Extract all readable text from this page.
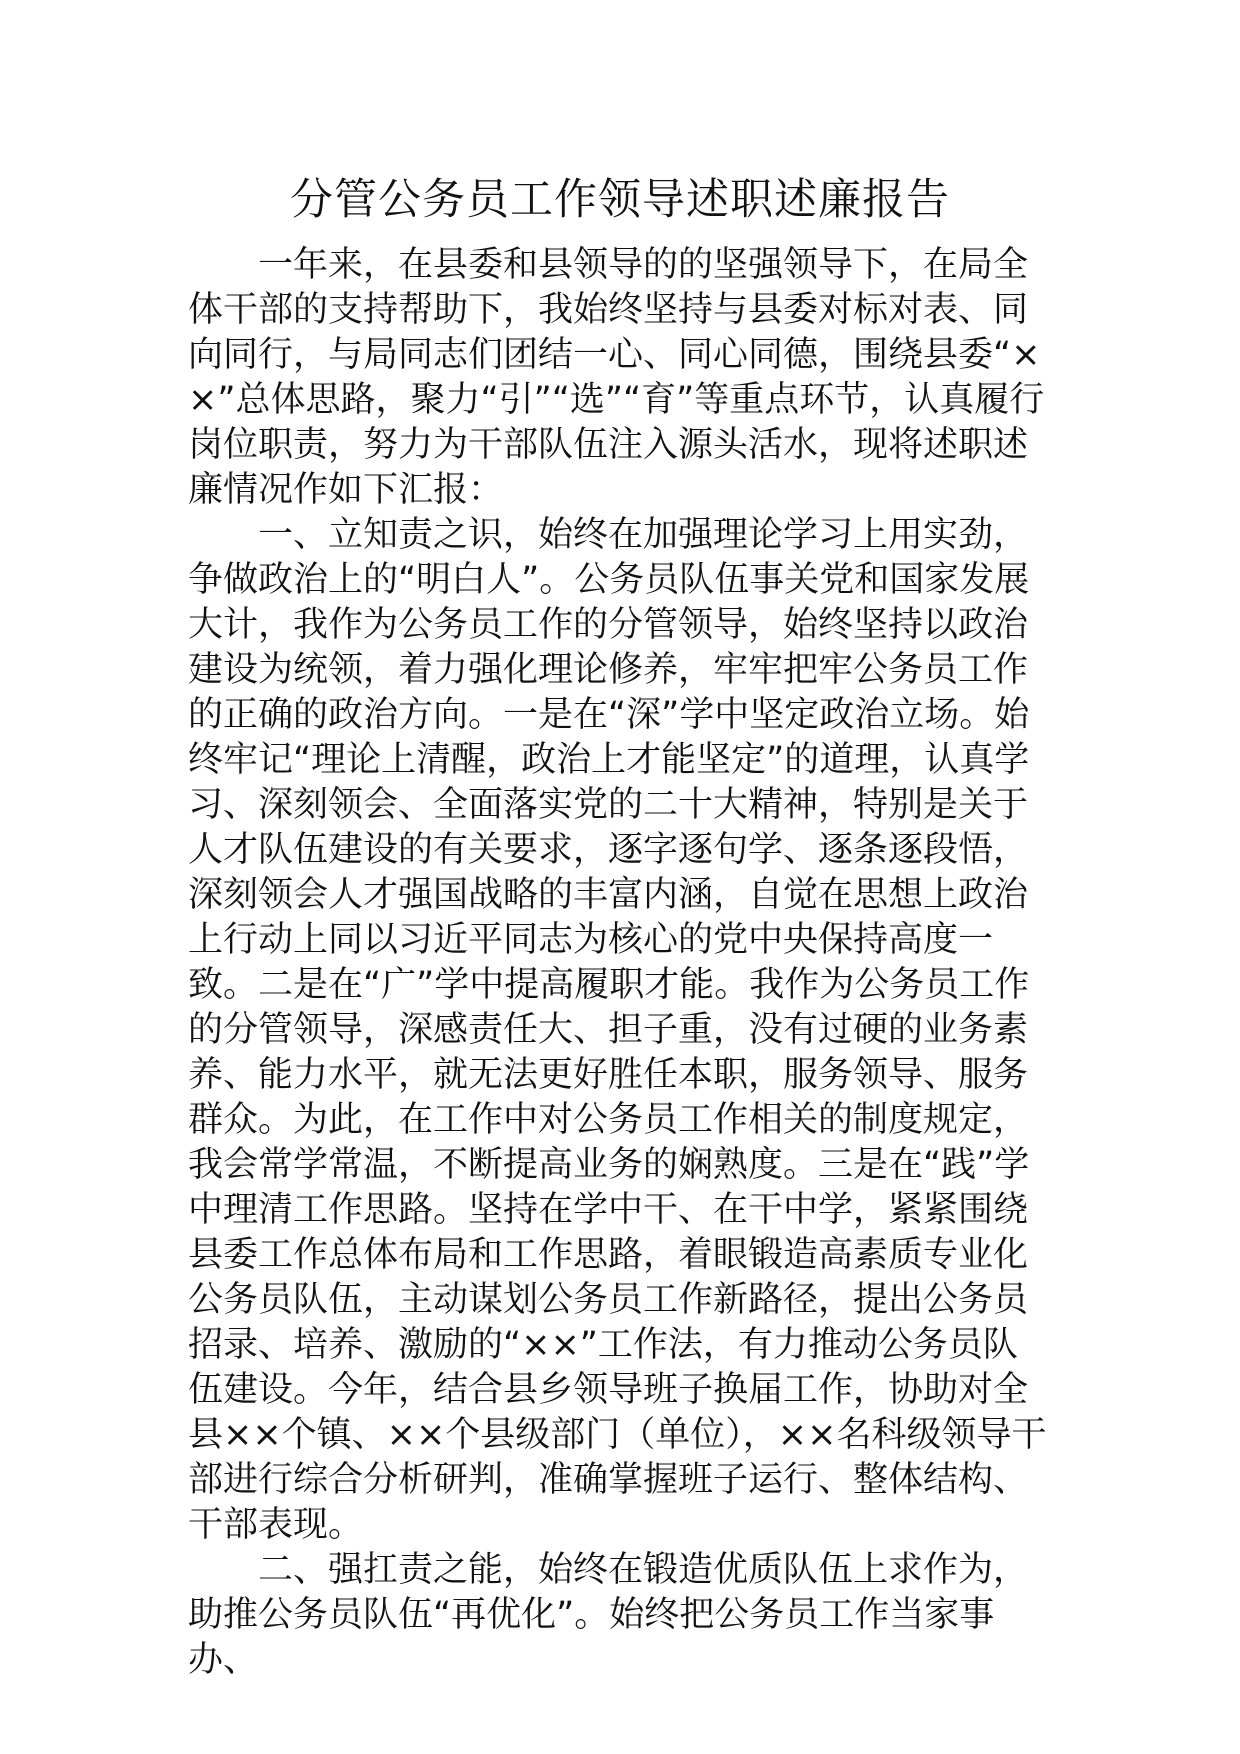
分管公务员工作领导述职述廉报告

一年来，在县委和县领导的的坚强领导下，在局全体干部的支持帮助下，我始终坚持与县委对标对表、同向同行，与局同志们团结一心、同心同德，围绕县委“××”总体思路，聚力“引”“选”“育”等重点环节，认真履行岗位职责，努力为干部队伍注入源头活水，现将述职述廉情况作如下汇报：

一、立知责之识，始终在加强理论学习上用实劲，争做政治上的“明白人”。公务员队伍事关党和国家发展大计，我作为公务员工作的分管领导，始终坚持以政治建设为统领，着力强化理论修养，牢牢把牢公务员工作的正确的政治方向。一是在“深”学中坚定政治立场。始终牢记“理论上清醒，政治上才能坚定”的道理，认真学习、深刻领会、全面落实党的二十大精神，特别是关于人才队伍建设的有关要求，逐字逐句学、逐条逐段悟，深刻领会人才强国战略的丰富内涵，自觉在思想上政治上行动上同以习近平同志为核心的党中央保持高度一致。二是在“广”学中提高履职才能。我作为公务员工作的分管领导，深感责任大、担子重，没有过硬的业务素养、能力水平，就无法更好胜任本职，服务领导、服务群众。为此，在工作中对公务员工作相关的制度规定，我会常学常温，不断提高业务的娴熟度。三是在“践”学中理清工作思路。坚持在学中干、在干中学，紧紧围绕县委工作总体布局和工作思路，着眼锻造高素质专业化公务员队伍，主动谋划公务员工作新路径，提出公务员招录、培养、激励的“××”工作法，有力推动公务员队伍建设。今年，结合县乡领导班子换届工作，协助对全县××个镇、××个县级部门（单位），××名科级领导干部进行综合分析研判，准确掌握班子运行、整体结构、干部表现。

二、强扛责之能，始终在锻造优质队伍上求作为，助推公务员队伍“再优化”。始终把公务员工作当家事办、
